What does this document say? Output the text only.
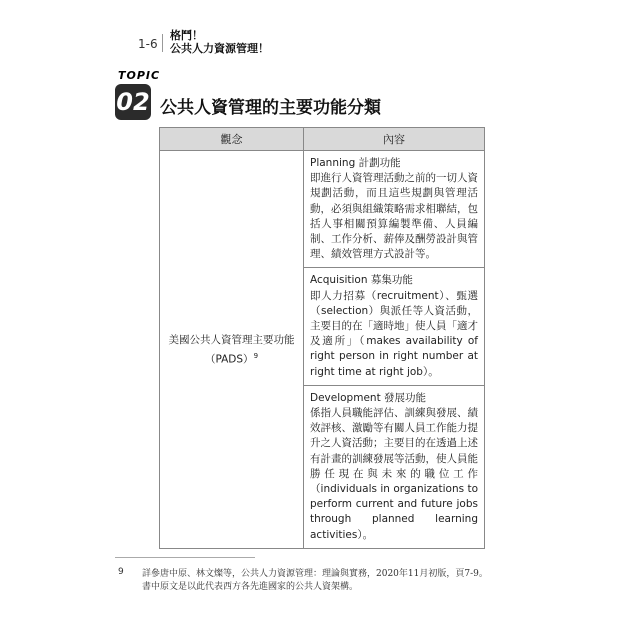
1-6
格鬥！
公共人力資源管理！
TOPIC
02 公共人資管理的主要功能分類
觀念	內容
美國公共人資管理主要功能
（PADS）$^9$	Planning 計劃功能
即進行人資管理活動之前的一切人資規劃活動，而且這些規劃與管理活動，必須與組織策略需求相聯結，包括人事相關預算編製準備、人員編制、工作分析、薪俸及酬勞設計與管理、績效管理方式設計等。

	Acquisition 募集功能
即人力招募（recruitment）、甄選（selection）與派任等人資活動，主要目的在「適時地」使人員「適才及適所」（makes availability of right person in right number at right time at right job）。

	Development 發展功能
係指人員職能評估、訓練與發展、績效評核、激勵等有關人員工作能力提升之人資活動；主要目的在透過上述有計畫的訓練發展等活動，使人員能勝任現在與未來的職位工作（individuals in organizations to perform current and future jobs through planned learning activities）。
9 詳參唐中原、林文燦等，公共人力資源管理：理論與實務，2020年11月初版，頁7-9。
書中原文是以此代表西方各先進國家的公共人資架構。
